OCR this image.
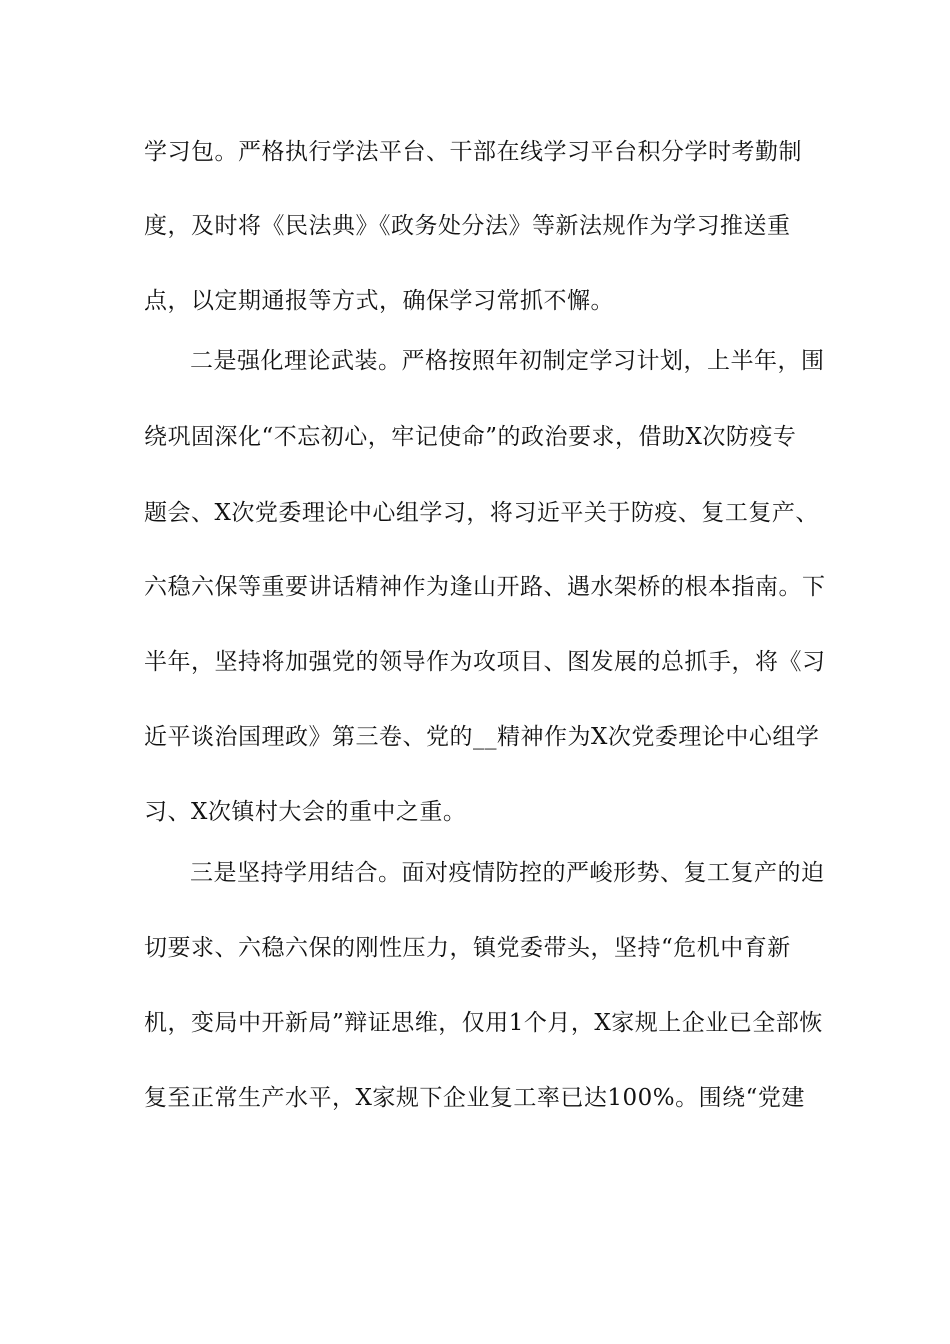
学习包。严格执行学法平台、干部在线学习平台积分学时考勤制
度，及时将《民法典》《政务处分法》等新法规作为学习推送重
点，以定期通报等方式，确保学习常抓不懈。
二是强化理论武装。严格按照年初制定学习计划，上半年，围
绕巩固深化“不忘初心，牢记使命”的政治要求，借助X次防疫专
题会、X次党委理论中心组学习，将习近平关于防疫、复工复产、
六稳六保等重要讲话精神作为逢山开路、遇水架桥的根本指南。下
半年，坚持将加强党的领导作为攻项目、图发展的总抓手，将《习
近平谈治国理政》第三卷、党的__精神作为X次党委理论中心组学
习、X次镇村大会的重中之重。
三是坚持学用结合。面对疫情防控的严峻形势、复工复产的迫
切要求、六稳六保的刚性压力，镇党委带头，坚持“危机中育新
机，变局中开新局”辩证思维，仅用1个月，X家规上企业已全部恢
复至正常生产水平，X家规下企业复工率已达100%。围绕“党建
